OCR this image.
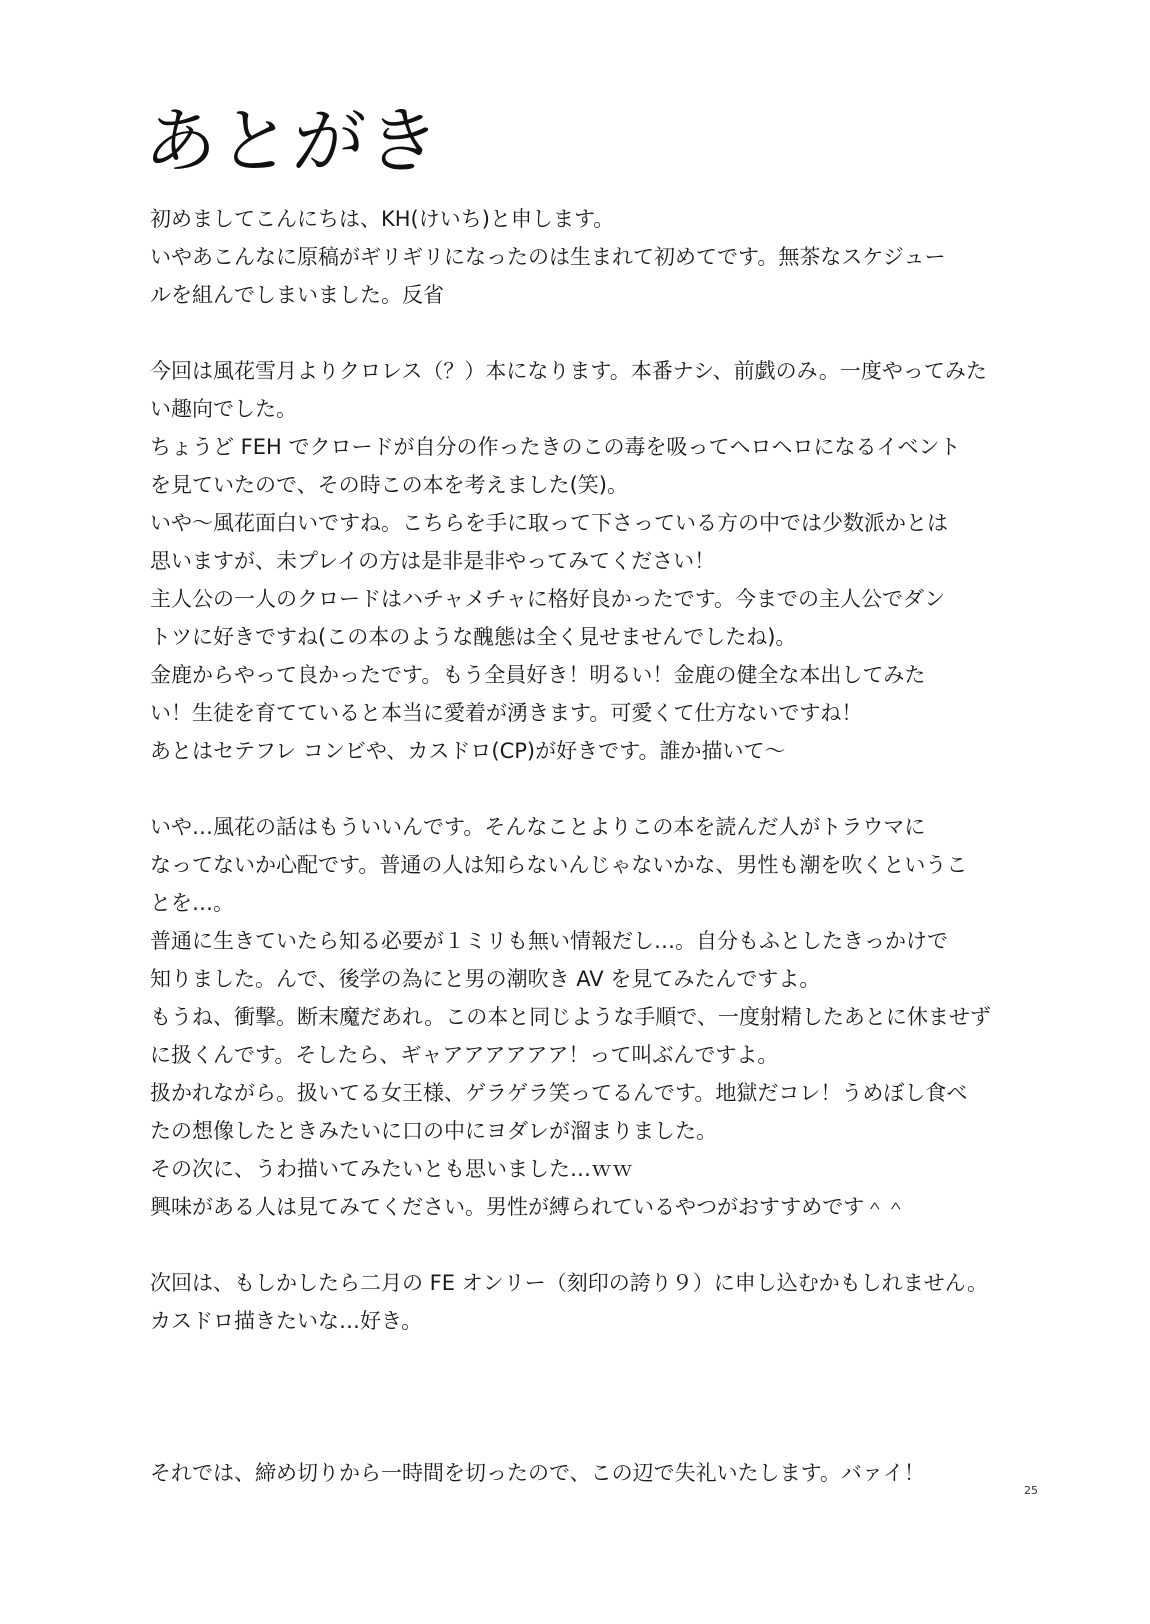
あとがき
初めましてこんにちは、KH(けいち)と申します。
いやあこんなに原稿がギリギリになったのは生まれて初めてです。無茶なスケジュー
ルを組んでしまいました。反省
今回は風花雪月よりクロレス（？）本になります。本番ナシ、前戯のみ。一度やってみた
い趣向でした。
ちょうど FEH でクロードが自分の作ったきのこの毒を吸ってヘロヘロになるイベント
を見ていたので、その時この本を考えました(笑)。
いや～風花面白いですね。こちらを手に取って下さっている方の中では少数派かとは
思いますが、未プレイの方は是非是非やってみてください！
主人公の一人のクロードはハチャメチャに格好良かったです。今までの主人公でダン
トツに好きですね(この本のような醜態は全く見せませんでしたね)。
金鹿からやって良かったです。もう全員好き！明るい！金鹿の健全な本出してみた
い！生徒を育てていると本当に愛着が湧きます。可愛くて仕方ないですね！
あとはセテフレ コンビや、カスドロ(CP)が好きです。誰か描いて～
いや…風花の話はもういいんです。そんなことよりこの本を読んだ人がトラウマに
なってないか心配です。普通の人は知らないんじゃないかな、男性も潮を吹くというこ
とを…。
普通に生きていたら知る必要が１ミリも無い情報だし…。自分もふとしたきっかけで
知りました。んで、後学の為にと男の潮吹き AV を見てみたんですよ。
もうね、衝撃。断末魔だあれ。この本と同じような手順で、一度射精したあとに休ませず
に扱くんです。そしたら、ギャアアアアアア！って叫ぶんですよ。
扱かれながら。扱いてる女王様、ゲラゲラ笑ってるんです。地獄だコレ！うめぼし食べ
たの想像したときみたいに口の中にヨダレが溜まりました。
その次に、うわ描いてみたいとも思いました…ｗｗ
興味がある人は見てみてください。男性が縛られているやつがおすすめです＾＾
次回は、もしかしたら二月の FE オンリー（刻印の誇り９）に申し込むかもしれません。
カスドロ描きたいな…好き。
それでは、締め切りから一時間を切ったので、この辺で失礼いたします。バァイ！
25
